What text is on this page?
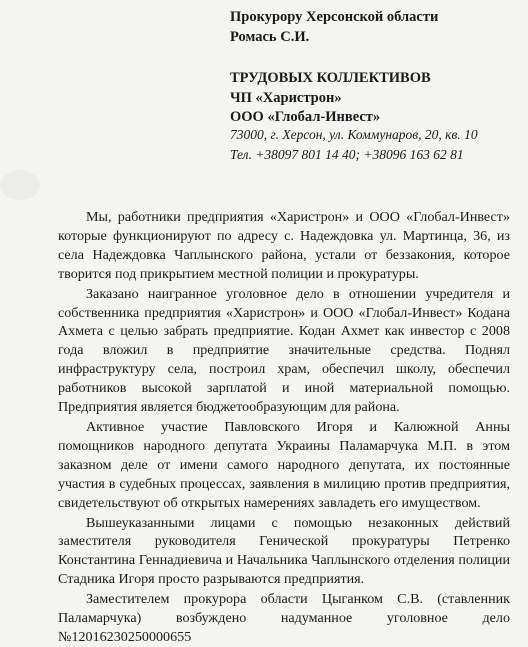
Прокурору Херсонской области
Ромась С.И.
ТРУДОВЫХ КОЛЛЕКТИВОВ
ЧП «Харистрон»
ООО «Глобал-Инвест»
73000, г. Херсон, ул. Коммунаров, 20, кв. 10
Тел. +38097 801 14 40; +38096 163 62 81

Мы, работники предприятия «Харистрон» и ООО «Глобал-Инвест» которые функционируют по адресу с. Надеждовка ул. Мартинца, 36, из села Надеждовка Чаплынского района, устали от беззакония, которое творится под прикрытием местной полиции и прокуратуры.

Заказано наигранное уголовное дело в отношении учредителя и собственника предприятия «Харистрон» и ООО «Глобал-Инвест» Кодана Ахмета с целью забрать предприятие. Кодан Ахмет как инвестор с 2008 года вложил в предприятие значительные средства. Поднял инфраструктуру села, построил храм, обеспечил школу, обеспечил работников высокой зарплатой и иной материальной помощью. Предприятия является бюджетообразующим для района.

Активное участие Павловского Игоря и Калюжной Анны помощников народного депутата Украины Паламарчука М.П. в этом заказном деле от имени самого народного депутата, их постоянные участия в судебных процессах, заявления в милицию против предприятия, свидетельствуют об открытых намерениях завладеть его имуществом.

Вышеуказанными лицами с помощью незаконных действий заместителя руководителя Генической прокуратуры Петренко Константина Геннадиевича и Начальника Чаплынского отделения полиции Стадника Игоря просто разрываются предприятия.

Заместителем прокурора области Цыганком С.В. (ставленник Паламарчука) возбуждено надуманное уголовное дело №12016230250000655
